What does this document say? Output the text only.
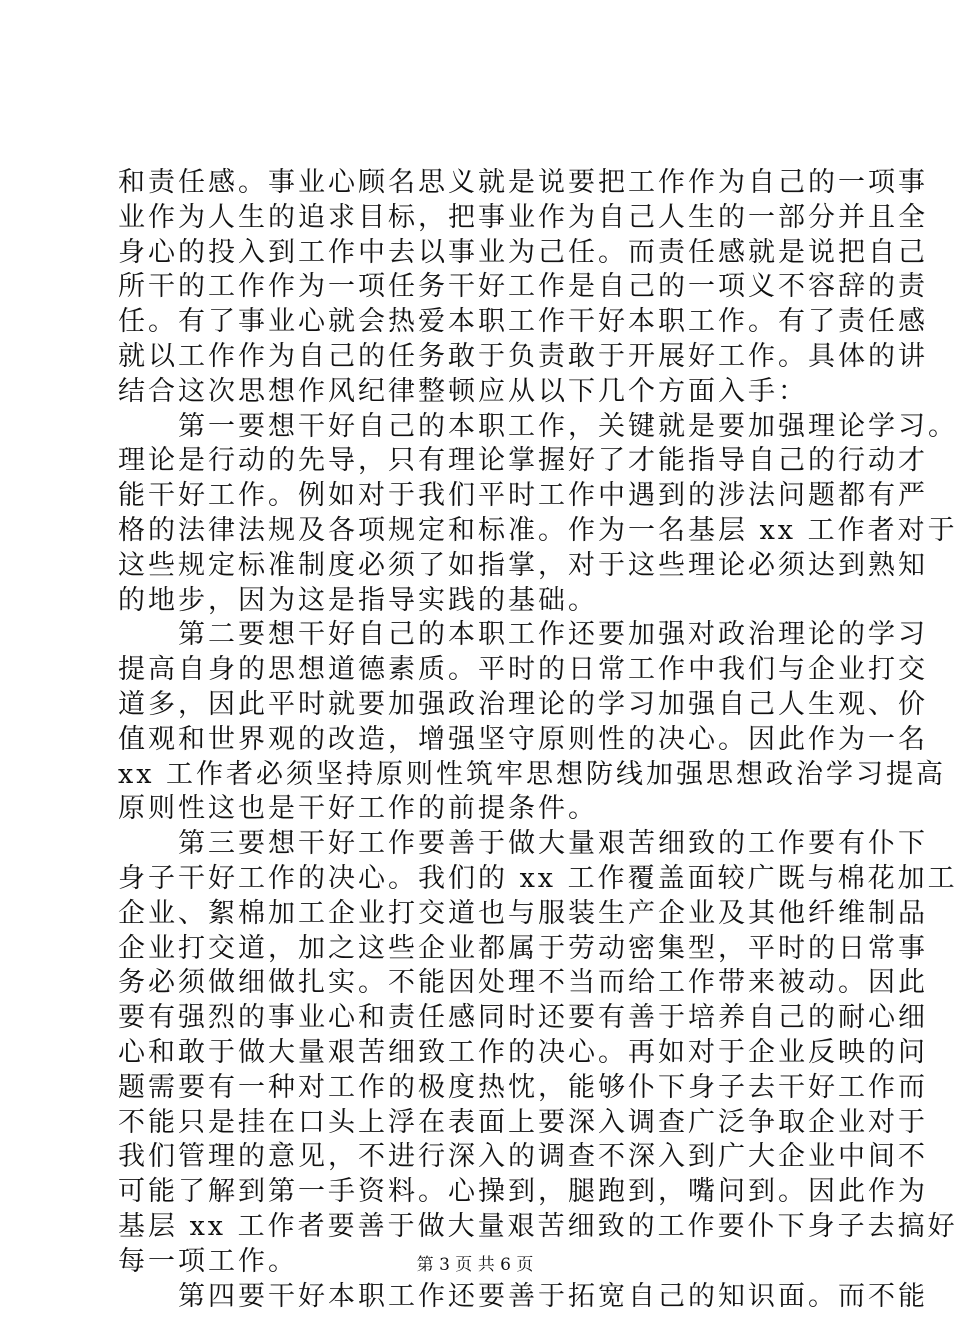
和责任感。事业心顾名思义就是说要把工作作为自己的一项事
业作为人生的追求目标，把事业作为自己人生的一部分并且全
身心的投入到工作中去以事业为己任。而责任感就是说把自己
所干的工作作为一项任务干好工作是自己的一项义不容辞的责
任。有了事业心就会热爱本职工作干好本职工作。有了责任感
就以工作作为自己的任务敢于负责敢于开展好工作。具体的讲
结合这次思想作风纪律整顿应从以下几个方面入手：
第一要想干好自己的本职工作，关键就是要加强理论学习。
理论是行动的先导，只有理论掌握好了才能指导自己的行动才
能干好工作。例如对于我们平时工作中遇到的涉法问题都有严
格的法律法规及各项规定和标准。作为一名基层 xx 工作者对于
这些规定标准制度必须了如指掌，对于这些理论必须达到熟知
的地步，因为这是指导实践的基础。
第二要想干好自己的本职工作还要加强对政治理论的学习
提高自身的思想道德素质。平时的日常工作中我们与企业打交
道多，因此平时就要加强政治理论的学习加强自己人生观、价
值观和世界观的改造，增强坚守原则性的决心。因此作为一名
xx 工作者必须坚持原则性筑牢思想防线加强思想政治学习提高
原则性这也是干好工作的前提条件。
第三要想干好工作要善于做大量艰苦细致的工作要有仆下
身子干好工作的决心。我们的 xx 工作覆盖面较广既与棉花加工
企业、絮棉加工企业打交道也与服装生产企业及其他纤维制品
企业打交道，加之这些企业都属于劳动密集型，平时的日常事
务必须做细做扎实。不能因处理不当而给工作带来被动。因此
要有强烈的事业心和责任感同时还要有善于培养自己的耐心细
心和敢于做大量艰苦细致工作的决心。再如对于企业反映的问
题需要有一种对工作的极度热忱，能够仆下身子去干好工作而
不能只是挂在口头上浮在表面上要深入调查广泛争取企业对于
我们管理的意见，不进行深入的调查不深入到广大企业中间不
可能了解到第一手资料。心操到，腿跑到，嘴问到。因此作为
基层 xx 工作者要善于做大量艰苦细致的工作要仆下身子去搞好
每一项工作。
第四要干好本职工作还要善于拓宽自己的知识面。而不能
第 3 页 共 6 页
